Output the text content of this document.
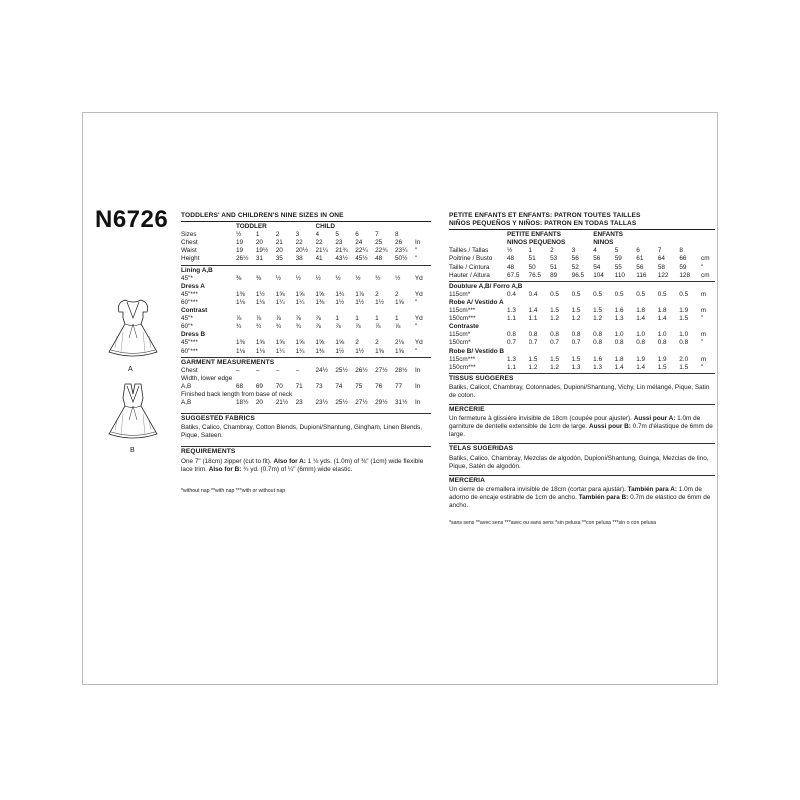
N6726
A
B
TODDLERS' AND CHILDREN'S NINE SIZES IN ONE
	TODDLER				CHILD					
Sizes	½	1	2	3	4	5	6	7	8	
Chest	19	20	21	22	22	23	24	25	26	In
Waist	19	19½	20	20½	21¼	21¾	22¼	22¾	23¼	"
Height	26½	31	35	38	41	43½	45½	48	50½	"
Lining A,B										
45"*	⅜	⅜	½	½	½	½	½	½	½	Yd
Dress A										
45"***	1⅜	1½	1⅝	1⅝	1⅝	1¾	1⅞	2	2	Yd
60"***	1⅛	1⅛	1¼	1¼	1⅜	1½	1½	1½	1⅝	"
Contrast										
45"*	⅞	⅞	⅞	⅞	⅞	1	1	1	1	Yd
60"*	¾	¾	¾	¾	⅞	⅞	⅞	⅞	⅞	"
Dress B										
45"***	1⅜	1⅝	1⅝	1⅝	1⅝	1⅝	2	2	2⅛	Yd
60"***	1⅛	1⅛	1¼	1¼	1⅜	1½	1½	1⅝	1⅝	"
GARMENT MEASUREMENTS
Chest	–	–	–	–	24½	25½	26½	27½	28½	In
Width, lower edge										
A,B	68	69	70	71	73	74	75	76	77	In
Finished back length from base of neck										
A,B	18½	20	21½	23	23½	25½	27½	29½	31½	In
SUGGESTED FABRICS
Batiks, Calico, Chambray, Cotton Blends, Dupioni/Shantung, Gingham, Linen Blends, Pique, Sateen.
REQUIREMENTS
One 7" (18cm) zipper (cut to fit). Also for A: 1 ⅛ yds. (1.0m) of ⅜" (1cm) wide flexible lace trim. Also for B: ¾ yd. (0.7m) of ¼" (6mm) wide elastic.
*without nap **with nap ***with or without nap
PETITE ENFANTS ET ENFANTS: PATRON TOUTES TAILLES
NIÑOS PEQUEÑOS Y NIÑOS: PATRON EN TODAS TALLAS
	PETITE ENFANTS				ENFANTS					
	NIÑOS PEQUEÑOS				NIÑOS					
Tailles / Tallas	½	1	2	3	4	5	6	7	8	
Poitrine / Busto	48	51	53	56	56	59	61	64	66	cm
Taille / Cintura	48	50	51	52	54	55	56	58	59	"
Hauter / Altura	67.5	76.5	89	96.5	104	110	116	122	128	cm
Doublure A,B/ Forro A,B										
115cm*	0.4	0.4	0.5	0.5	0.5	0.5	0.5	0.5	0.5	m
Robe A/ Vestido A										
115cm***	1.3	1.4	1.5	1.5	1.5	1.6	1.8	1.8	1.9	m
150cm***	1.1	1.1	1.2	1.2	1.2	1.3	1.4	1.4	1.5	"
Contraste										
115cm*	0.8	0.8	0.8	0.8	0.8	1.0	1.0	1.0	1.0	m
150cm*	0.7	0.7	0.7	0.7	0.8	0.8	0.8	0.8	0.8	"
Robe B/ Vestido B										
115cm***	1.3	1.5	1.5	1.5	1.6	1.8	1.9	1.9	2.0	m
150cm***	1.1	1.2	1.2	1.3	1.3	1.4	1.4	1.5	1.5	"
TISSUS SUGGERES
Batiks, Calicot, Chambray, Cotonnades, Dupioni/Shantung, Vichy, Lin mélangé, Pique, Satin de coton.
MERCERIE
Un fermeture à glissière invisible de 18cm (coupée pour ajuster). Aussi pour A: 1.0m de garniture de dentelle extensible de 1cm de large. Aussi pour B: 0.7m d'élastique de 6mm de large.
TELAS SUGERIDAS
Batiks, Calico, Chambray, Mezclas de algodón, Dupioni/Shantung, Guinga, Mezclas de lino, Pique, Satén de algodón.
MERCERIA
Un cierre de cremallera invisible de 18cm (cortar para ajustar). También para A: 1.0m de adorno de encaje estirable de 1cm de ancho. También para B: 0.7m de elástico de 6mm de ancho.
*sans sens **avec sens ***avec ou sans sens *sin pelusa **con pelusa ***sin o con pelusa
